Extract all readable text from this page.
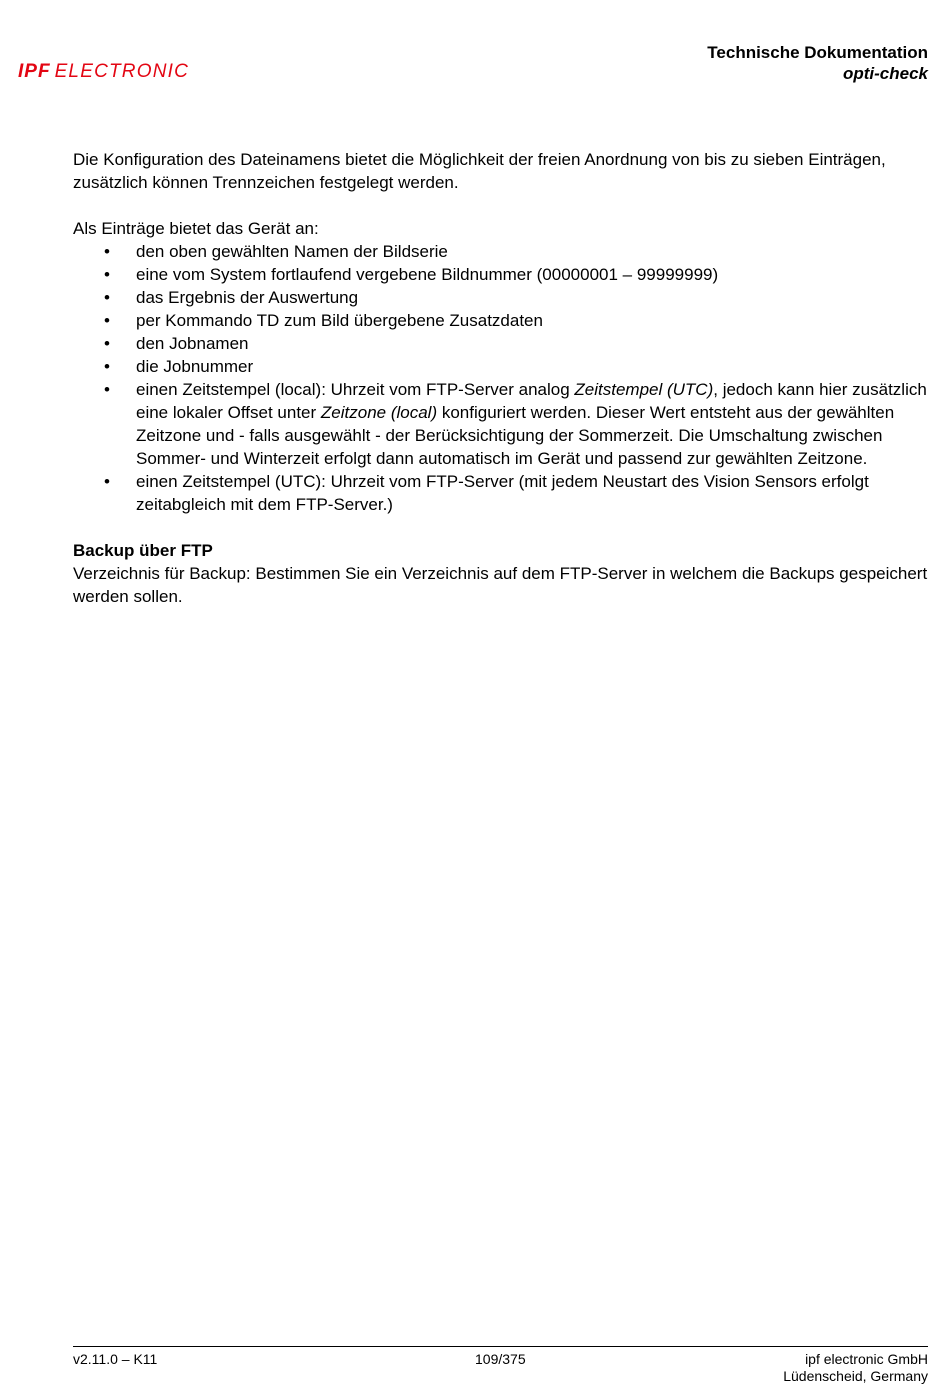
IPF ELECTRONIC
Technische Dokumentation
opti-check

Die Konfiguration des Dateinamens bietet die Möglichkeit der freien Anordnung von bis zu sieben Einträgen, zusätzlich können Trennzeichen festgelegt werden.

Als Einträge bietet das Gerät an:

• den oben gewählten Namen der Bildserie
• eine vom System fortlaufend vergebene Bildnummer (00000001 – 99999999)
• das Ergebnis der Auswertung
• per Kommando TD zum Bild übergebene Zusatzdaten
• den Jobnamen
• die Jobnummer
• einen Zeitstempel (local): Uhrzeit vom FTP-Server analog Zeitstempel (UTC), jedoch kann hier zusätzlich eine lokaler Offset unter Zeitzone (local) konfiguriert werden. Dieser Wert entsteht aus der gewählten Zeitzone und - falls ausgewählt - der Berücksichtigung der Sommerzeit. Die Umschaltung zwischen Sommer- und Winterzeit erfolgt dann automatisch im Gerät und passend zur gewählten Zeitzone.
• einen Zeitstempel (UTC): Uhrzeit vom FTP-Server (mit jedem Neustart des Vision Sensors erfolgt zeitabgleich mit dem FTP-Server.)

Backup über FTP

Verzeichnis für Backup: Bestimmen Sie ein Verzeichnis auf dem FTP-Server in welchem die Backups gespeichert werden sollen.

v2.11.0 – K11	109/375	ipf electronic GmbH
Lüdenscheid, Germany
